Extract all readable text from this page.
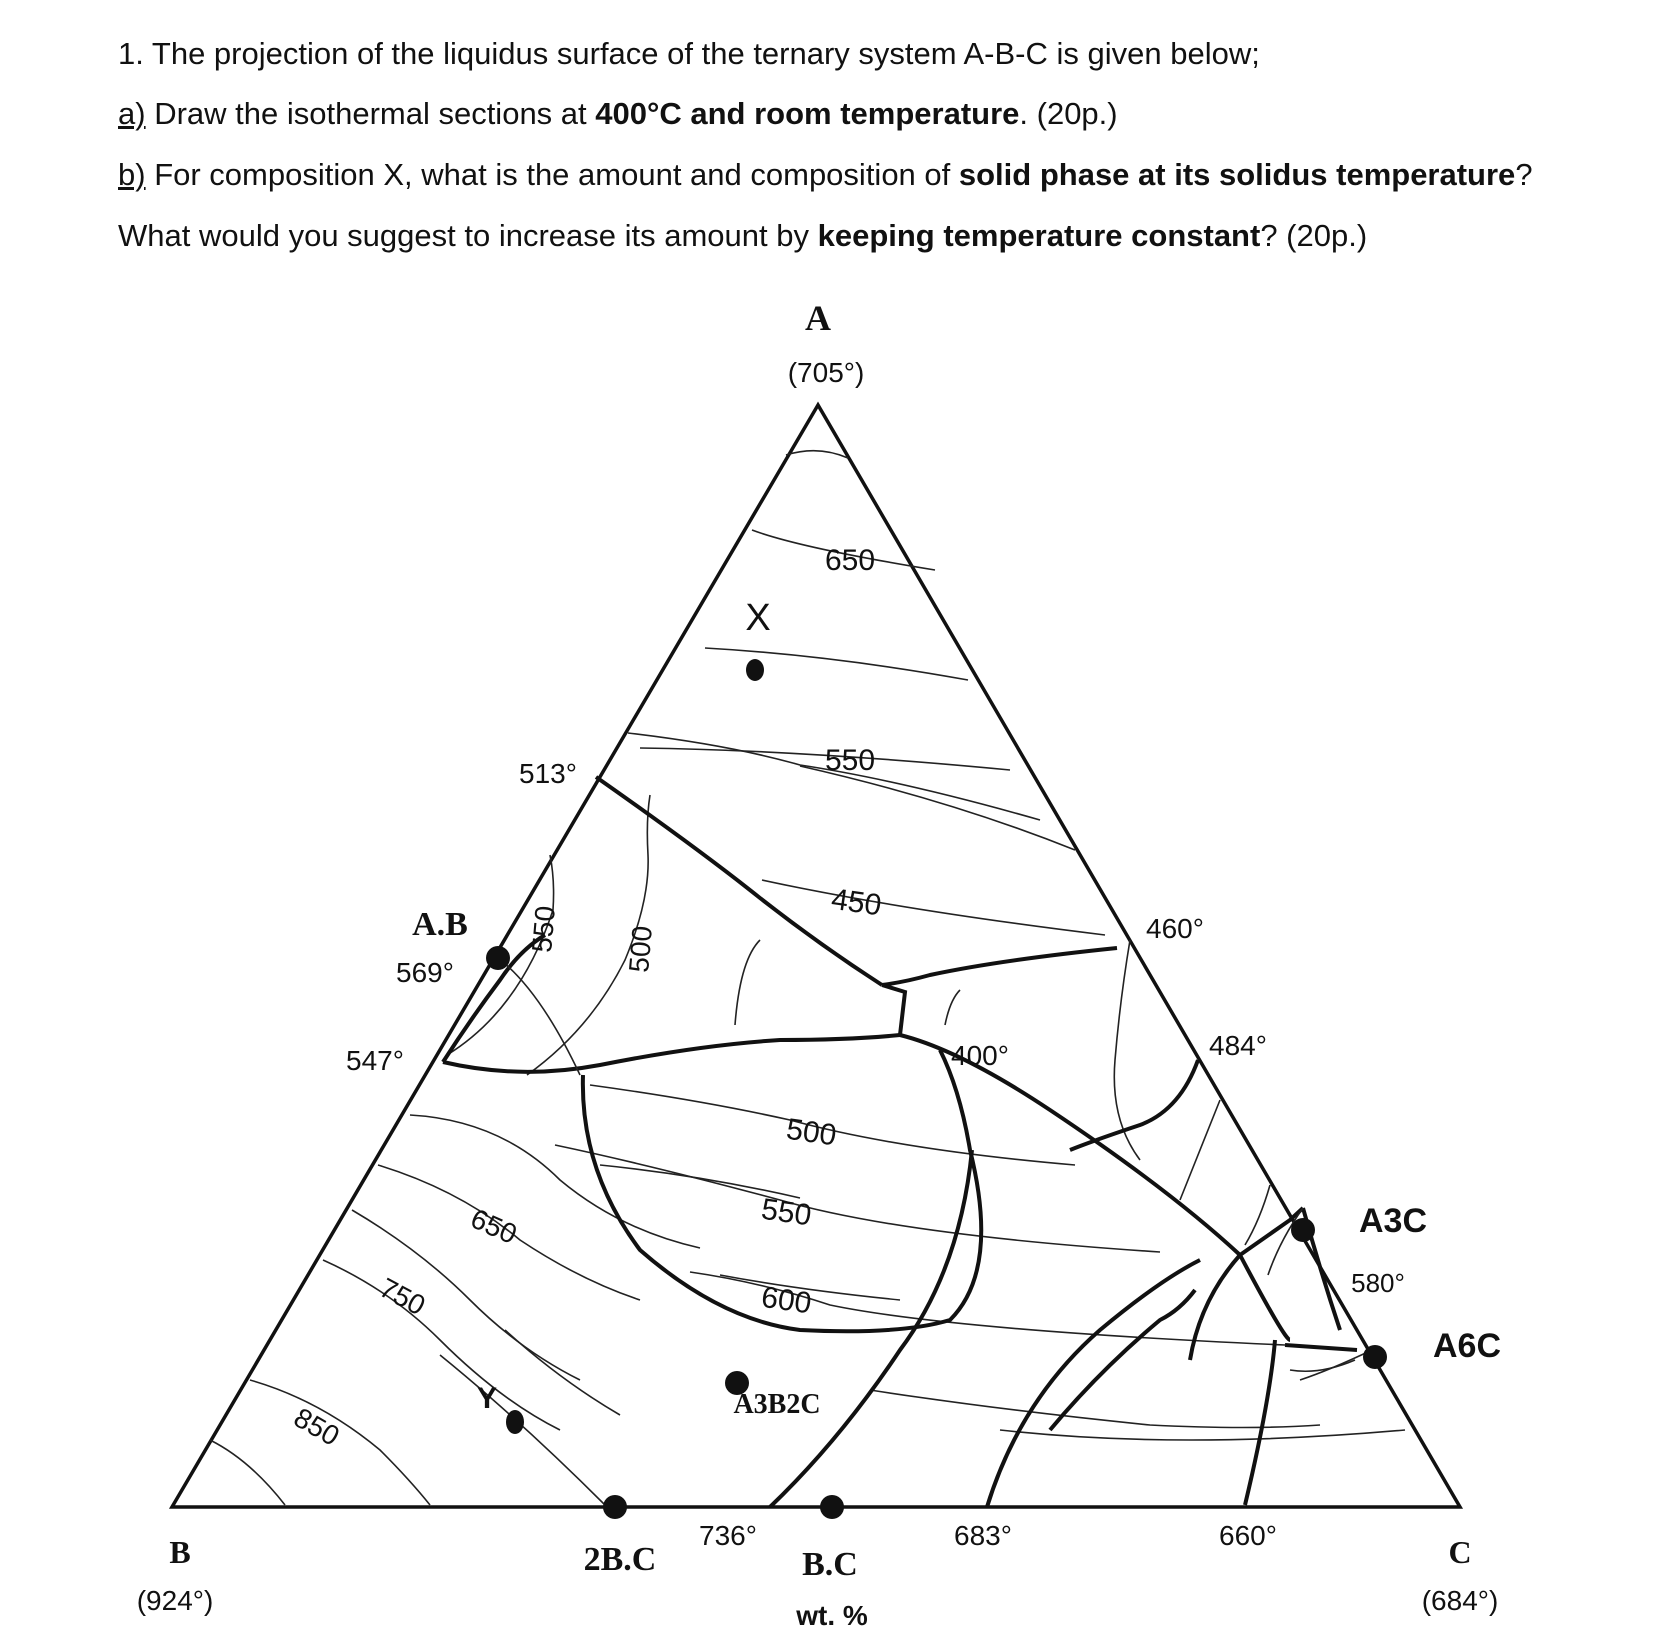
1. The projection of the liquidus surface of the ternary system A-B-C is given below;
a) Draw the isothermal sections at 400°C and room temperature. (20p.)
b) For composition X, what is the amount and composition of solid phase at its solidus temperature?
What would you suggest to increase its amount by keeping temperature constant? (20p.)
A
(705°)
B
(924°)
C
(684°)
A.B
569°
2B.C	B.C
A3C
A6C
A3B2C
513°
547°
460°
484°
400°
580°
736°	683°	660°
650
550
450
550 500
500
550
600
650
750
850
X
Y
wt. %
